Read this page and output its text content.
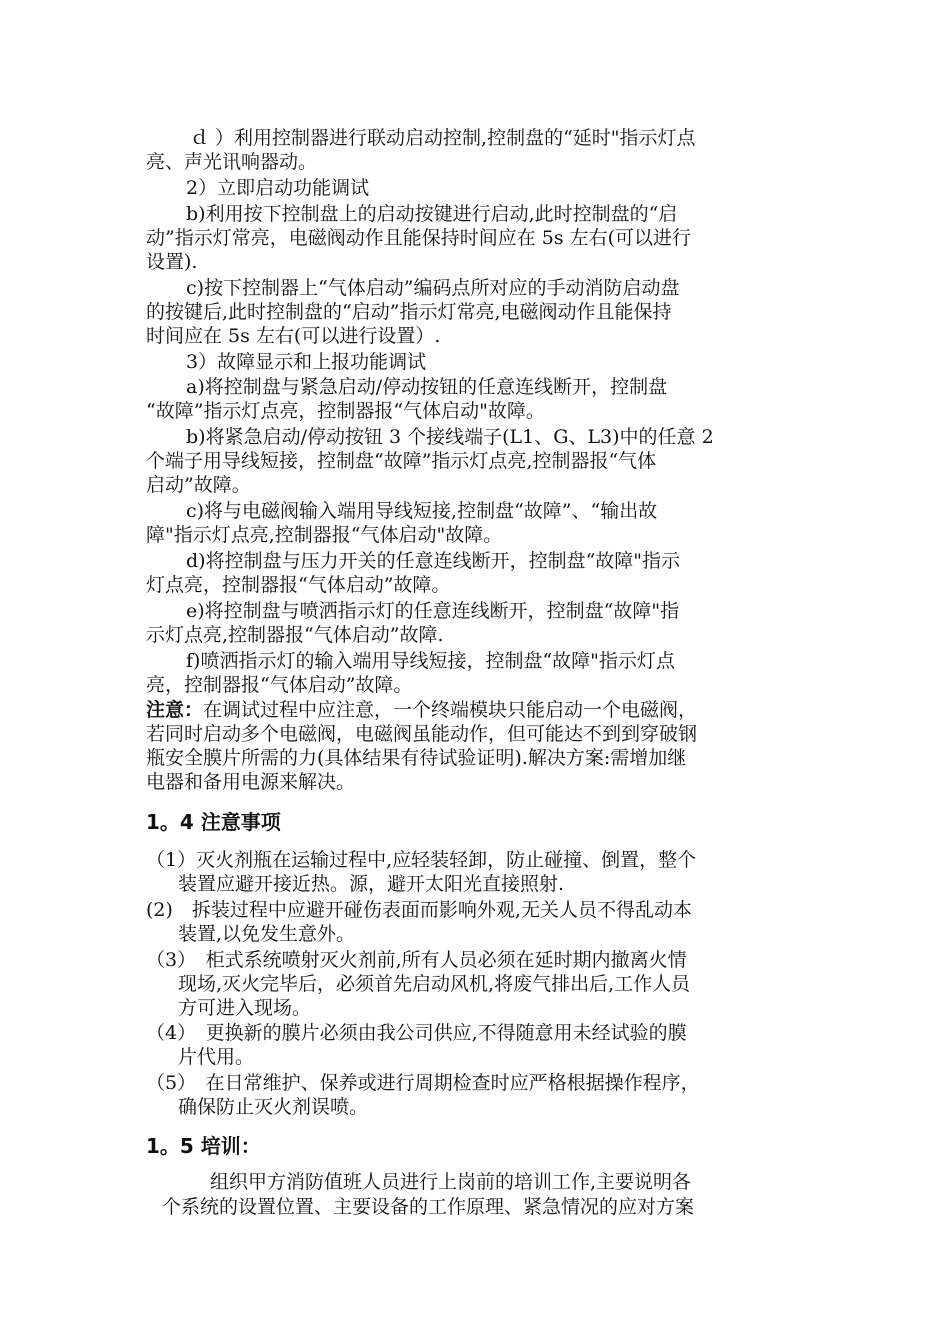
ｄ ）利用控制器进行联动启动控制,控制盘的“延时"指示灯点
亮、声光讯响器动。
2）立即启动功能调试
b)利用按下控制盘上的启动按键进行启动,此时控制盘的“启
动”指示灯常亮，电磁阀动作且能保持时间应在 5s 左右(可以进行
设置).
c)按下控制器上“气体启动”编码点所对应的手动消防启动盘
的按键后,此时控制盘的“启动”指示灯常亮,电磁阀动作且能保持
时间应在 5s 左右(可以进行设置）.
3）故障显示和上报功能调试
a)将控制盘与紧急启动/停动按钮的任意连线断开，控制盘
“故障”指示灯点亮，控制器报“气体启动"故障。
b)将紧急启动/停动按钮 3 个接线端子(L1、G、L3)中的任意 2
个端子用导线短接，控制盘“故障”指示灯点亮,控制器报“气体
启动”故障。
c)将与电磁阀输入端用导线短接,控制盘“故障”、“输出故
障"指示灯点亮,控制器报“气体启动"故障。
d)将控制盘与压力开关的任意连线断开，控制盘“故障"指示
灯点亮，控制器报“气体启动”故障。
e)将控制盘与喷洒指示灯的任意连线断开，控制盘“故障"指
示灯点亮,控制器报“气体启动”故障.
f)喷洒指示灯的输入端用导线短接，控制盘“故障"指示灯点
亮，控制器报“气体启动”故障。
注意：在调试过程中应注意，一个终端模块只能启动一个电磁阀，
若同时启动多个电磁阀，电磁阀虽能动作，但可能达不到到穿破钢
瓶安全膜片所需的力(具体结果有待试验证明).解决方案:需增加继
电器和备用电源来解决。
1。4 注意事项
（1）灭火剂瓶在运输过程中,应轻装轻卸，防止碰撞、倒置，整个
装置应避开接近热。源，避开太阳光直接照射.
(2)　拆装过程中应避开碰伤表面而影响外观,无关人员不得乱动本
装置,以免发生意外。
（3）　柜式系统喷射灭火剂前,所有人员必须在延时期内撤离火情
现场,灭火完毕后，必须首先启动风机,将废气排出后,工作人员
方可进入现场。
（4）　更换新的膜片必须由我公司供应,不得随意用未经试验的膜
片代用。
（5）　在日常维护、保养或进行周期检查时应严格根据操作程序，
确保防止灭火剂误喷。
1。5 培训：
组织甲方消防值班人员进行上岗前的培训工作,主要说明各
个系统的设置位置、主要设备的工作原理、紧急情况的应对方案
